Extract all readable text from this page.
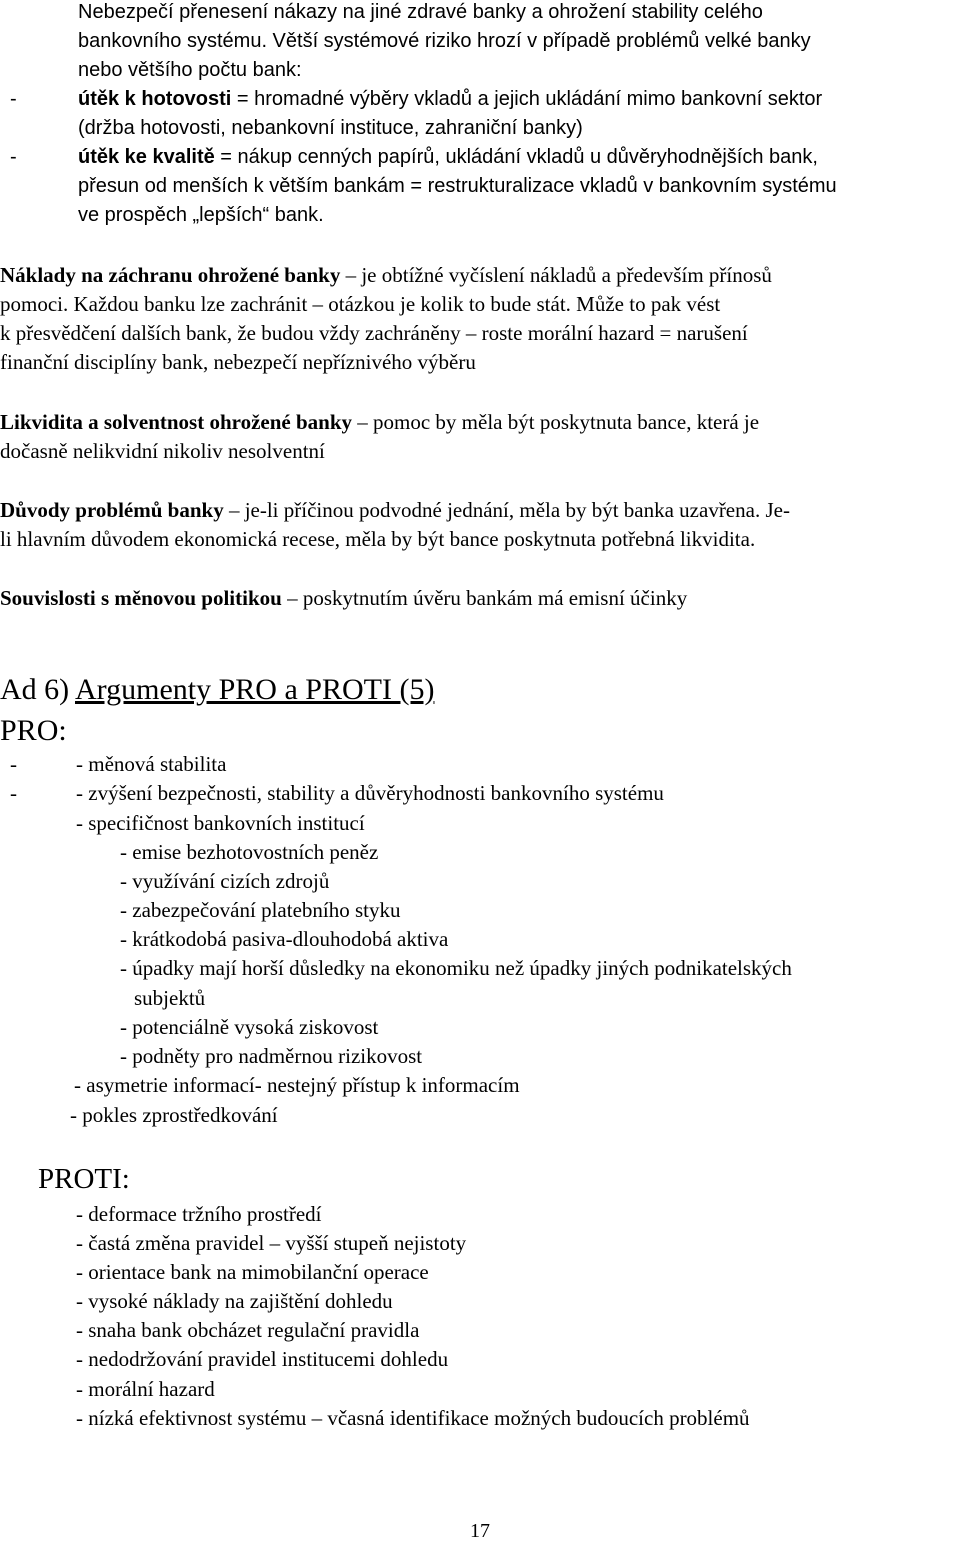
Nebezpečí přenesení nákazy na jiné zdravé banky a ohrožení stability celého
bankovního systému. Větší systémové riziko hrozí v případě problémů velké banky
nebo většího počtu bank:
-	útěk k hotovosti = hromadné výběry vkladů a jejich ukládání mimo bankovní sektor
(držba hotovosti, nebankovní instituce, zahraniční banky)
-	útěk ke kvalitě = nákup cenných papírů, ukládání vkladů u důvěryhodnějších bank,
přesun od menších k větším bankám = restrukturalizace vkladů v bankovním systému
ve prospěch „lepších“ bank.
Náklady na záchranu ohrožené banky – je obtížné vyčíslení nákladů a především přínosů
pomoci. Každou banku lze zachránit – otázkou je kolik to bude stát. Může to pak vést
k přesvědčení dalších bank, že budou vždy zachráněny – roste morální hazard = narušení
finanční disciplíny bank, nebezpečí nepříznivého výběru
Likvidita a solventnost ohrožené banky – pomoc by měla být poskytnuta bance, která je
dočasně nelikvidní nikoliv nesolventní
Důvody problémů banky – je-li příčinou podvodné jednání, měla by být banka uzavřena. Je-
li hlavním důvodem ekonomická recese, měla by být bance poskytnuta potřebná likvidita.
Souvislosti s měnovou politikou – poskytnutím úvěru bankám má emisní účinky
Ad 6) Argumenty PRO a PROTI (5)
PRO:
-	- měnová stabilita
-	- zvýšení bezpečnosti, stability a důvěryhodnosti bankovního systému
- specifičnost bankovních institucí
- emise bezhotovostních peněz
- využívání cizích zdrojů
- zabezpečování platebního styku
- krátkodobá pasiva-dlouhodobá aktiva
- úpadky mají horší důsledky na ekonomiku než úpadky jiných podnikatelských
subjektů
- potenciálně vysoká ziskovost
- podněty pro nadměrnou rizikovost
- asymetrie informací- nestejný přístup k informacím
- pokles zprostředkování
PROTI:
- deformace tržního prostředí
- častá změna pravidel – vyšší stupeň nejistoty
- orientace bank na mimobilanční operace
- vysoké náklady na zajištění dohledu
- snaha bank obcházet regulační pravidla
- nedodržování pravidel institucemi dohledu
- morální hazard
- nízká efektivnost systému – včasná identifikace možných budoucích problémů
17
